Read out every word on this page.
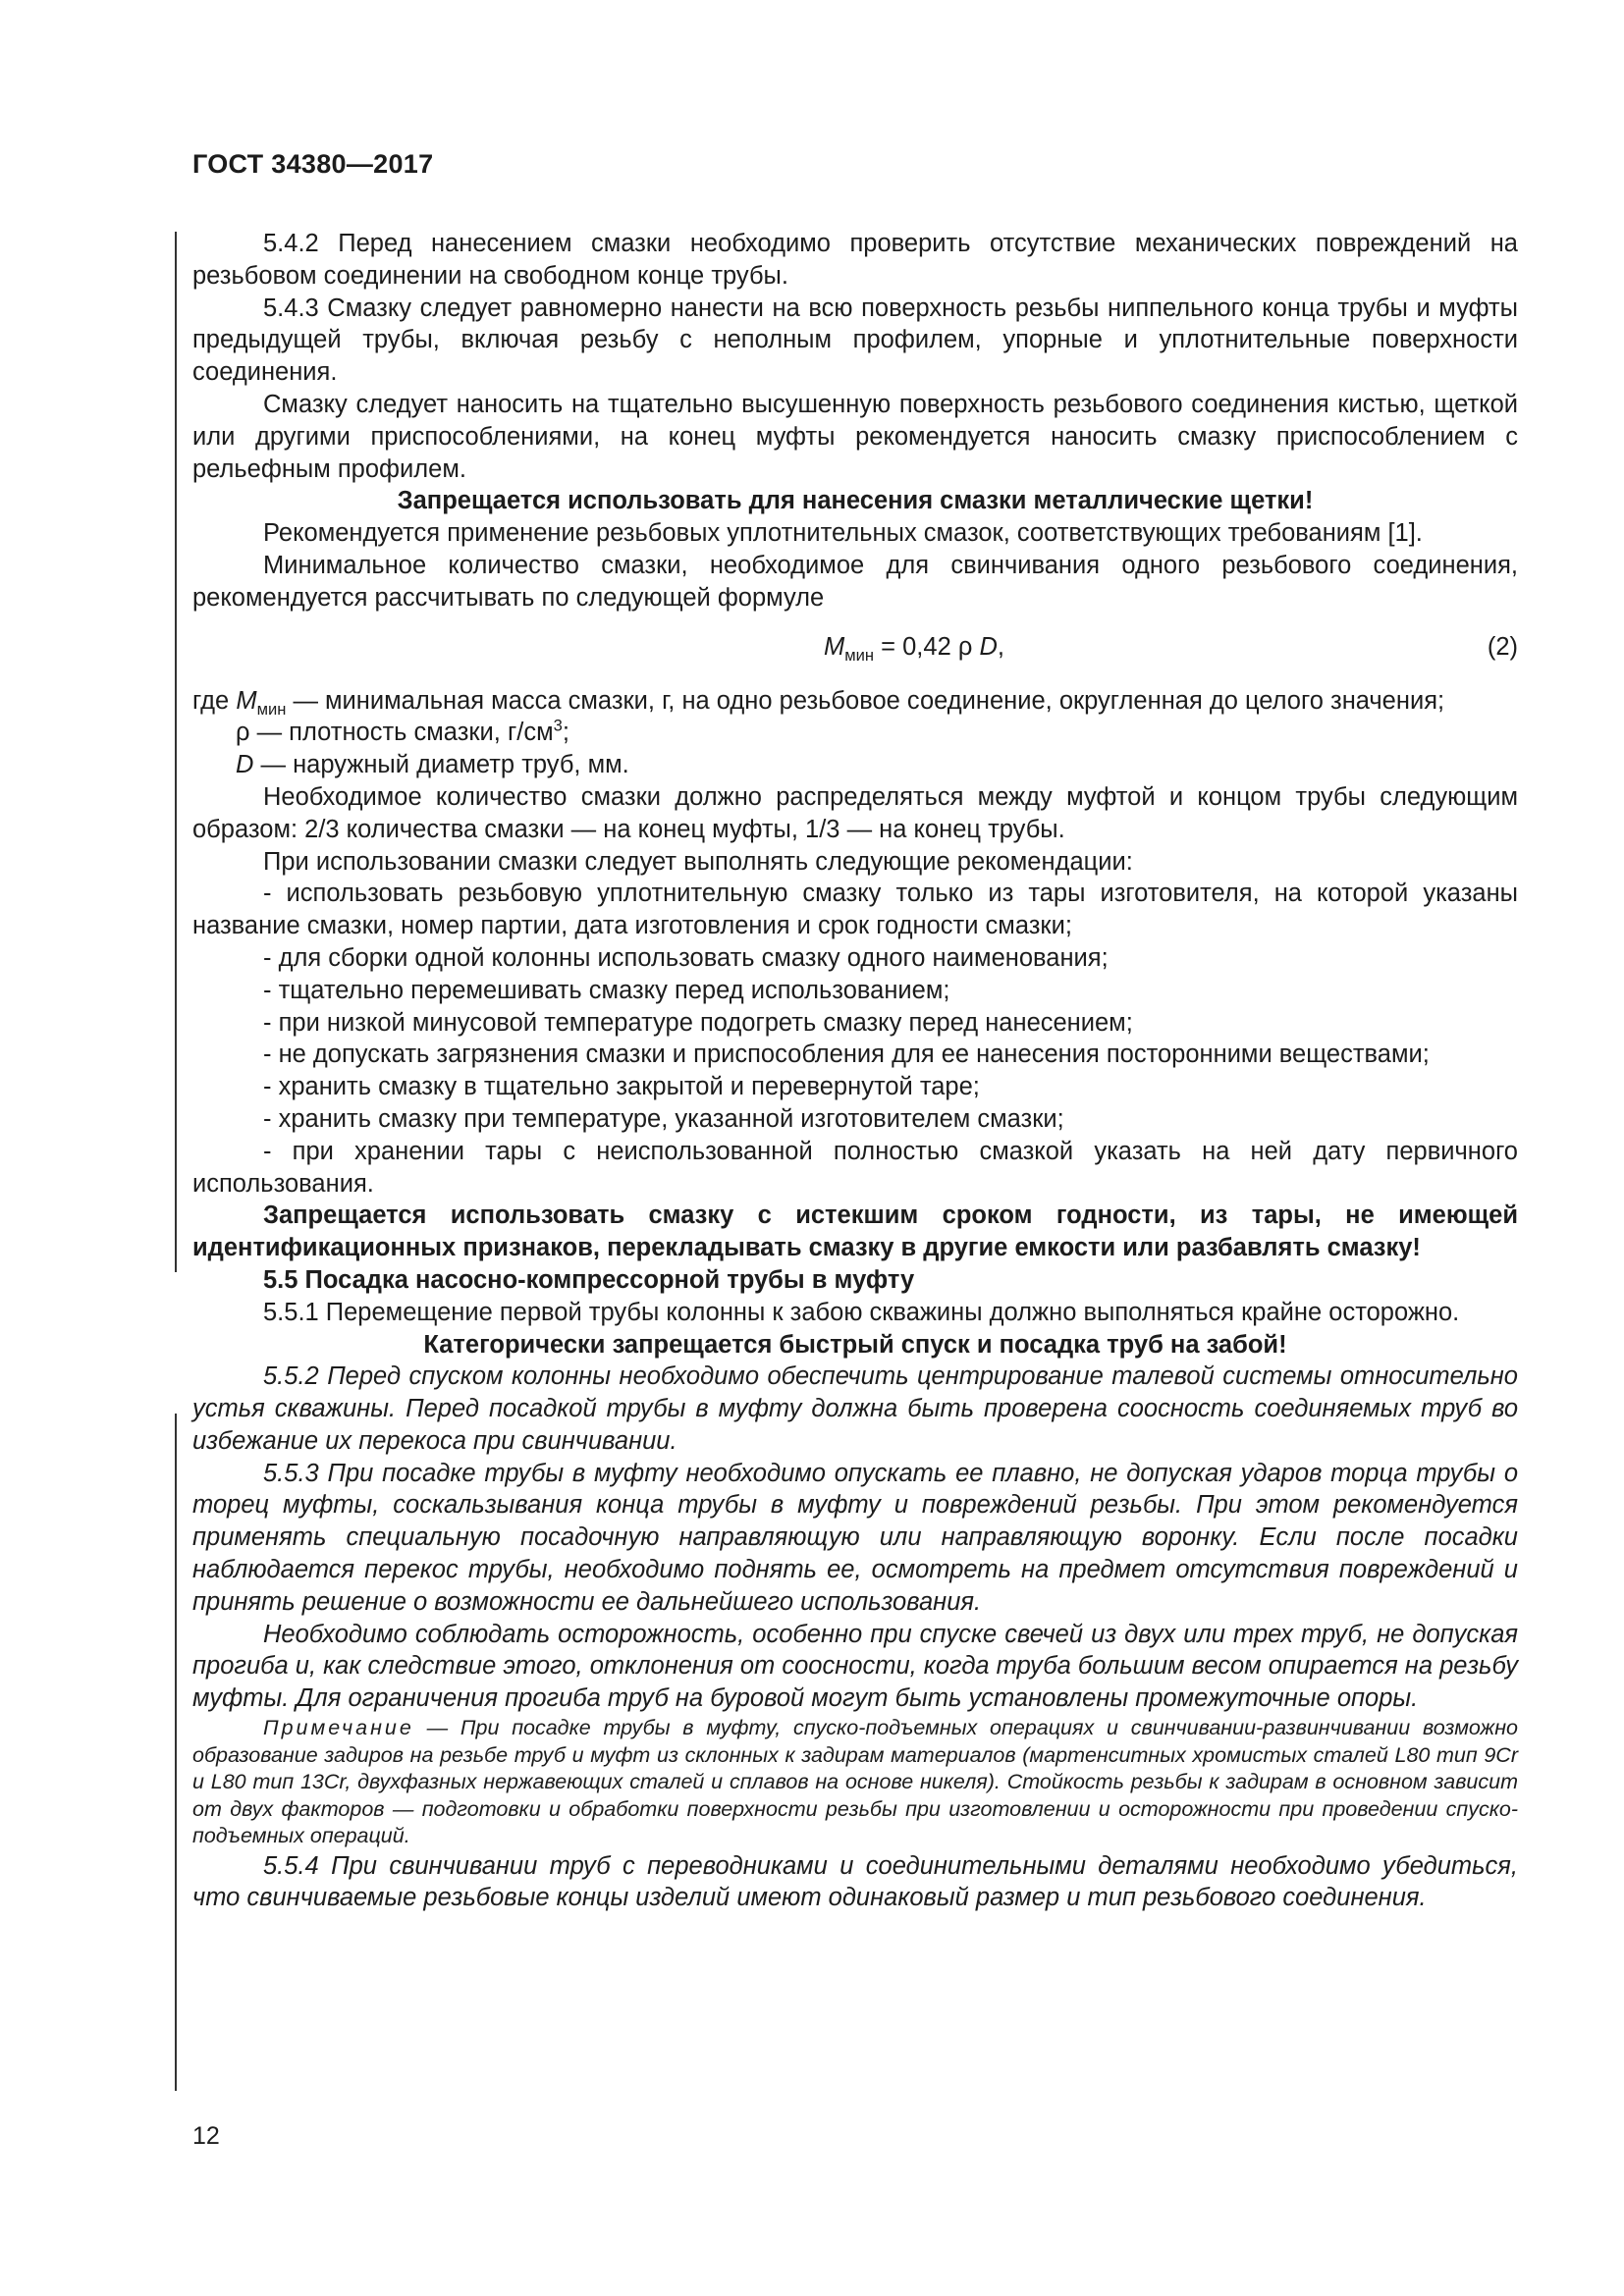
ГОСТ 34380—2017

5.4.2 Перед нанесением смазки необходимо проверить отсутствие механических повреждений на резьбовом соединении на свободном конце трубы.

5.4.3 Смазку следует равномерно нанести на всю поверхность резьбы ниппельного конца трубы и муфты предыдущей трубы, включая резьбу с неполным профилем, упорные и уплотнительные поверхности соединения.

Смазку следует наносить на тщательно высушенную поверхность резьбового соединения кистью, щеткой или другими приспособлениями, на конец муфты рекомендуется наносить смазку приспособлением с рельефным профилем.

Запрещается использовать для нанесения смазки металлические щетки!

Рекомендуется применение резьбовых уплотнительных смазок, соответствующих требованиям [1].

Минимальное количество смазки, необходимое для свинчивания одного резьбового соединения, рекомендуется рассчитывать по следующей формуле

$M_{мин} = 0,42$ ρ D,	(2)

где $M_{мин}$ — минимальная масса смазки, г, на одно резьбовое соединение, округленная до целого значения;

ρ — плотность смазки, $г/см^3$;

D — наружный диаметр труб, мм.

Необходимое количество смазки должно распределяться между муфтой и концом трубы следующим образом: 2/3 количества смазки — на конец муфты, 1/3 — на конец трубы.

При использовании смазки следует выполнять следующие рекомендации:

- использовать резьбовую уплотнительную смазку только из тары изготовителя, на которой указаны название смазки, номер партии, дата изготовления и срок годности смазки;

- для сборки одной колонны использовать смазку одного наименования;

- тщательно перемешивать смазку перед использованием;

- при низкой минусовой температуре подогреть смазку перед нанесением;

- не допускать загрязнения смазки и приспособления для ее нанесения посторонними веществами;

- хранить смазку в тщательно закрытой и перевернутой таре;

- хранить смазку при температуре, указанной изготовителем смазки;

- при хранении тары с неиспользованной полностью смазкой указать на ней дату первичного использования.

Запрещается использовать смазку с истекшим сроком годности, из тары, не имеющей идентификационных признаков, перекладывать смазку в другие емкости или разбавлять смазку!

5.5 Посадка насосно-компрессорной трубы в муфту

5.5.1 Перемещение первой трубы колонны к забою скважины должно выполняться крайне осторожно.

Категорически запрещается быстрый спуск и посадка труб на забой!

5.5.2 Перед спуском колонны необходимо обеспечить центрирование талевой системы относительно устья скважины. Перед посадкой трубы в муфту должна быть проверена соосность соединяемых труб во избежание их перекоса при свинчивании.

5.5.3 При посадке трубы в муфту необходимо опускать ее плавно, не допуская ударов торца трубы о торец муфты, соскальзывания конца трубы в муфту и повреждений резьбы. При этом рекомендуется применять специальную посадочную направляющую или направляющую воронку. Если после посадки наблюдается перекос трубы, необходимо поднять ее, осмотреть на предмет отсутствия повреждений и принять решение о возможности ее дальнейшего использования.

Необходимо соблюдать осторожность, особенно при спуске свечей из двух или трех труб, не допуская прогиба и, как следствие этого, отклонения от соосности, когда труба большим весом опирается на резьбу муфты. Для ограничения прогиба труб на буровой могут быть установлены промежуточные опоры.

Примечание — При посадке трубы в муфту, спуско-подъемных операциях и свинчивании-развинчивании возможно образование задиров на резьбе труб и муфт из склонных к задирам материалов (мартенситных хромистых сталей L80 тип 9Cr и L80 тип 13Cr, двухфазных нержавеющих сталей и сплавов на основе никеля). Стойкость резьбы к задирам в основном зависит от двух факторов — подготовки и обработки поверхности резьбы при изготовлении и осторожности при проведении спуско-подъемных операций.

5.5.4 При свинчивании труб с переводниками и соединительными деталями необходимо убедиться, что свинчиваемые резьбовые концы изделий имеют одинаковый размер и тип резьбового соединения.

12
